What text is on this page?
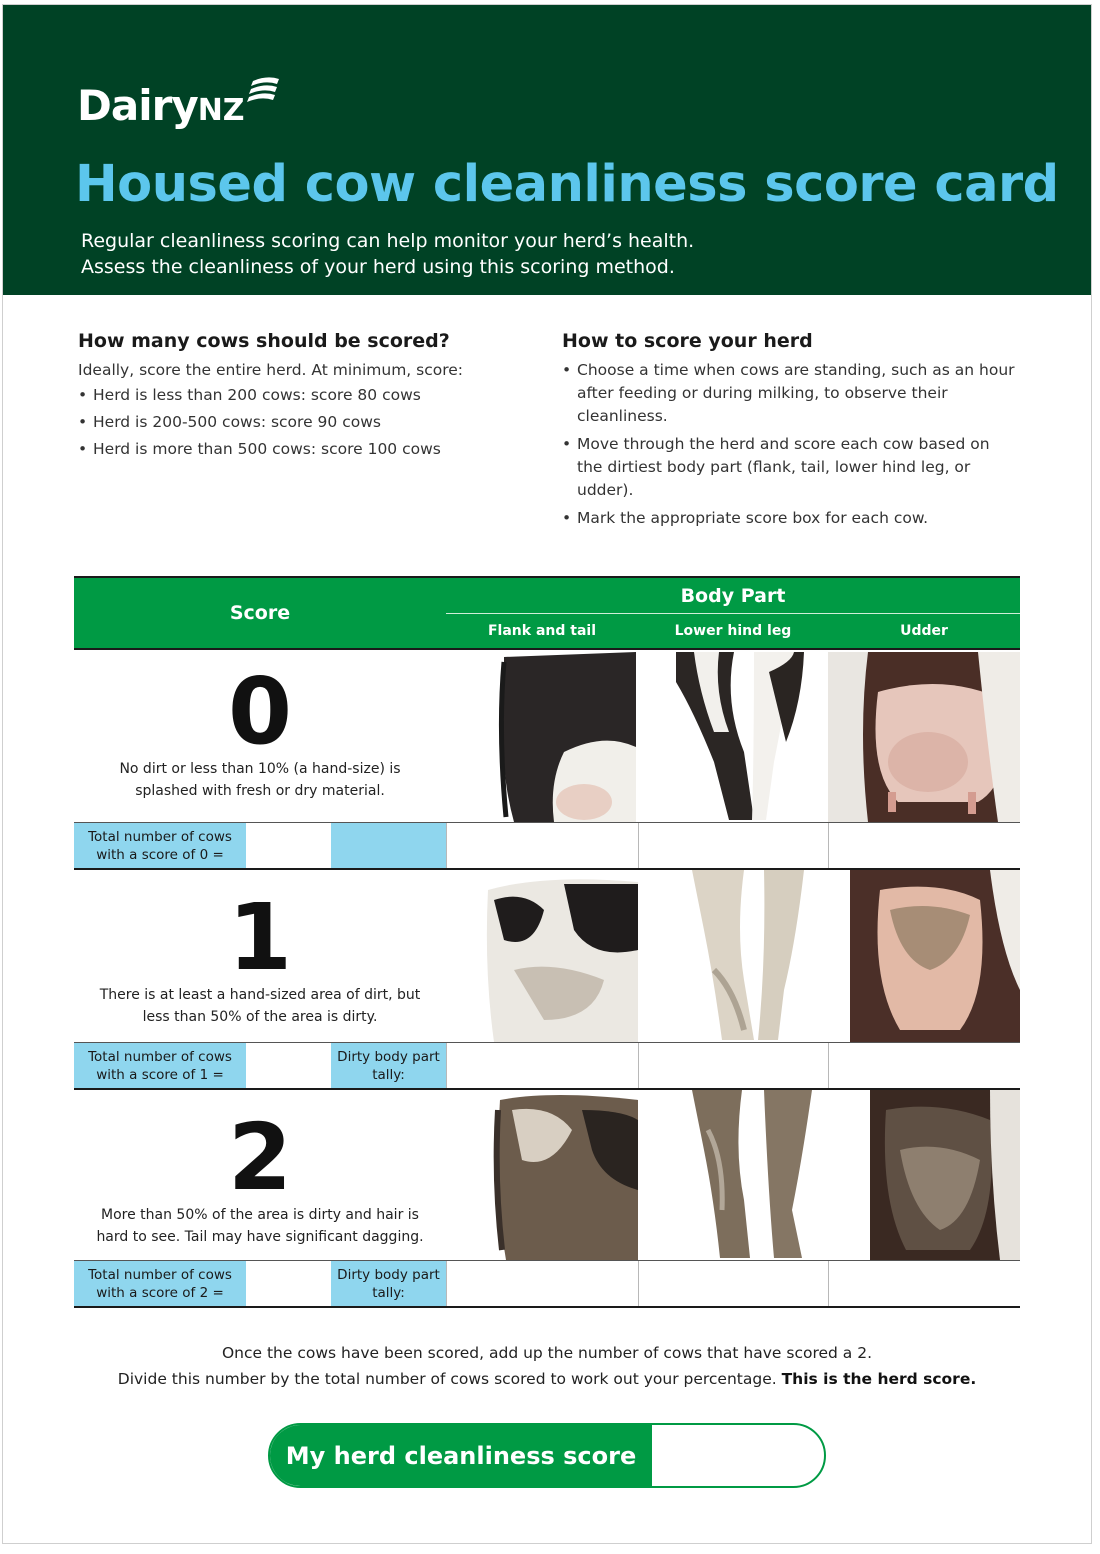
Dairy NZ
Housed cow cleanliness score card
Regular cleanliness scoring can help monitor your herd’s health.
Assess the cleanliness of your herd using this scoring method.
How many cows should be scored?
Ideally, score the entire herd. At minimum, score:
• Herd is less than 200 cows: score 80 cows
• Herd is 200-500 cows: score 90 cows
• Herd is more than 500 cows: score 100 cows
How to score your herd
• Choose a time when cows are standing, such as an hour after feeding or during milking, to observe their cleanliness.
• Move through the herd and score each cow based on the dirtiest body part (flank, tail, lower hind leg, or udder).
• Mark the appropriate score box for each cow.
Score
Body Part
Flank and tail	Lower hind leg	Udder
0
No dirt or less than 10% (a hand-size) is splashed with fresh or dry material.
Total number of cows with a score of 0 =
1
There is at least a hand-sized area of dirt, but less than 50% of the area is dirty.
Total number of cows with a score of 1 =
Dirty body part tally:
2
More than 50% of the area is dirty and hair is hard to see. Tail may have significant dagging.
Total number of cows with a score of 2 =
Dirty body part tally:
Once the cows have been scored, add up the number of cows that have scored a 2.
Divide this number by the total number of cows scored to work out your percentage. This is the herd score.
My herd cleanliness score
